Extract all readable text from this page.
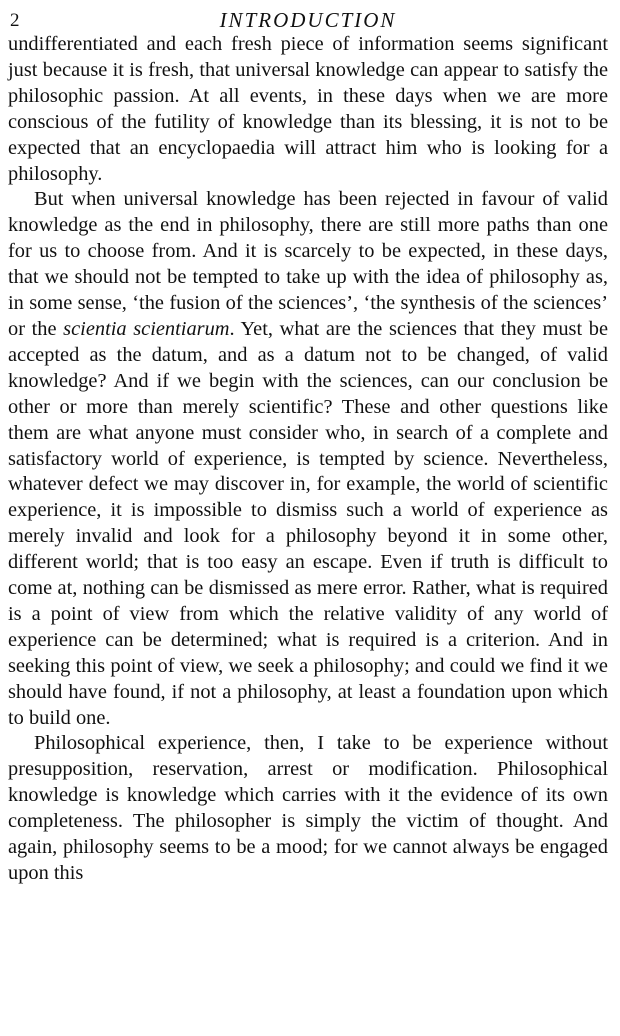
2	INTRODUCTION

undifferentiated and each fresh piece of information seems significant just because it is fresh, that universal knowledge can appear to satisfy the philosophic passion. At all events, in these days when we are more conscious of the futility of knowledge than its blessing, it is not to be expected that an encyclopaedia will attract him who is looking for a philosophy.

But when universal knowledge has been rejected in favour of valid knowledge as the end in philosophy, there are still more paths than one for us to choose from. And it is scarcely to be expected, in these days, that we should not be tempted to take up with the idea of philosophy as, in some sense, ‘the fusion of the sciences’, ‘the synthesis of the sciences’ or the scientia scientiarum. Yet, what are the sciences that they must be accepted as the datum, and as a datum not to be changed, of valid knowledge? And if we begin with the sciences, can our conclusion be other or more than merely scientific? These and other questions like them are what anyone must consider who, in search of a complete and satisfactory world of experience, is tempted by science. Nevertheless, whatever defect we may discover in, for example, the world of scientific experience, it is impossible to dismiss such a world of experience as merely invalid and look for a philosophy beyond it in some other, different world; that is too easy an escape. Even if truth is difficult to come at, nothing can be dismissed as mere error. Rather, what is required is a point of view from which the relative validity of any world of experience can be determined; what is required is a criterion. And in seeking this point of view, we seek a philosophy; and could we find it we should have found, if not a philosophy, at least a foundation upon which to build one.

Philosophical experience, then, I take to be experience without presupposition, reservation, arrest or modification. Philosophical knowledge is knowledge which carries with it the evidence of its own completeness. The philosopher is simply the victim of thought. And again, philosophy seems to be a mood; for we cannot always be engaged upon this
